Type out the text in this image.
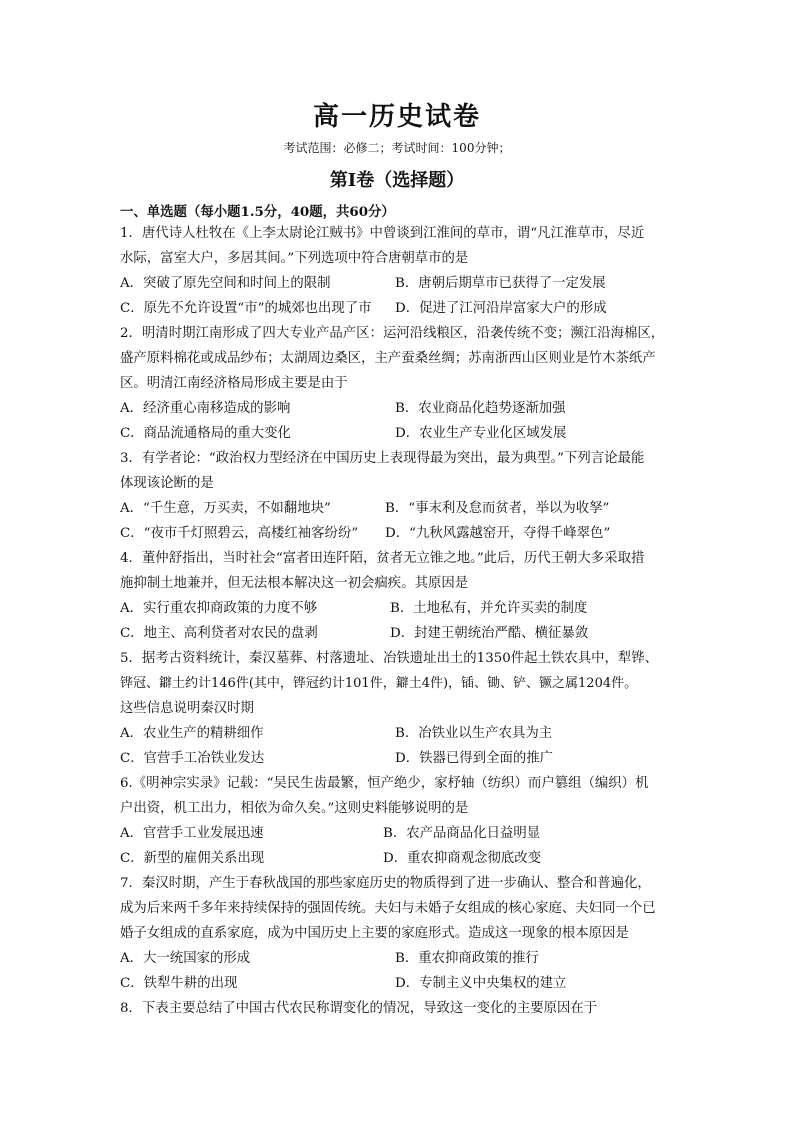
高一历史试卷
考试范围：必修二；考试时间：100分钟；
第Ⅰ卷（选择题）
一、单选题（每小题1.5分，40题，共60分）
1．唐代诗人杜牧在《上李太尉论江贼书》中曾谈到江淮间的草市，谓“凡江淮草市，尽近
水际，富室大户，多居其间。”下列选项中符合唐朝草市的是
A．突破了原先空间和时间上的限制	B．唐朝后期草市已获得了一定发展
C．原先不允许设置“市”的城郊也出现了市	D．促进了江河沿岸富家大户的形成
2．明清时期江南形成了四大专业产品产区：运河沿线粮区，沿袭传统不变；濒江沿海棉区，
盛产原料棉花或成品纱布；太湖周边桑区，主产蚕桑丝绸；苏南浙西山区则业是竹木茶纸产
区。明清江南经济格局形成主要是由于
A．经济重心南移造成的影响	B．农业商品化趋势逐渐加强
C．商品流通格局的重大变化	D．农业生产专业化区域发展
3．有学者论：“政治权力型经济在中国历史上表现得最为突出，最为典型。”下列言论最能
体现该论断的是
A．“千生意，万买卖，不如翻地块”	B．“事末利及怠而贫者，举以为收孥”
C．“夜市千灯照碧云，高楼红袖客纷纷”	D．“九秋风露越窑开，夺得千峰翠色”
4．董仲舒指出，当时社会“富者田连阡陌，贫者无立锥之地。”此后，历代王朝大多采取措
施抑制土地兼并，但无法根本解决这一初会痼疾。其原因是
A．实行重农抑商政策的力度不够	B．土地私有，并允许买卖的制度
C．地主、高利贷者对农民的盘剥	D．封建王朝统治严酷、横征暴敛
5．据考古资料统计，秦汉墓葬、村落遗址、冶铁遗址出土的1350件起土铁农具中，犁铧、
铧冠、鐴土约计146件(其中，铧冠约计101件，鐴土4件)，锸、锄、铲、镢之属1204件。
这些信息说明秦汉时期
A．农业生产的精耕细作	B．冶铁业以生产农具为主
C．官营手工冶铁业发达	D．铁器已得到全面的推广
6.《明神宗实录》记载：“吴民生齿最繁，恒产绝少，家杼轴（纺织）而户篡组（编织）机
户出资，机工出力，相依为命久矣。”这则史料能够说明的是
A．官营手工业发展迅速	B．农产品商品化日益明显
C．新型的雇佣关系出现	D．重农抑商观念彻底改变
7．秦汉时期，产生于春秋战国的那些家庭历史的物质得到了进一步确认、整合和普遍化，
成为后来两千多年来持续保持的强固传统。夫妇与未婚子女组成的核心家庭、夫妇同一个已
婚子女组成的直系家庭，成为中国历史上主要的家庭形式。造成这一现象的根本原因是
A．大一统国家的形成	B．重农抑商政策的推行
C．铁犁牛耕的出现	D．专制主义中央集权的建立
8．下表主要总结了中国古代农民称谓变化的情况，导致这一变化的主要原因在于
